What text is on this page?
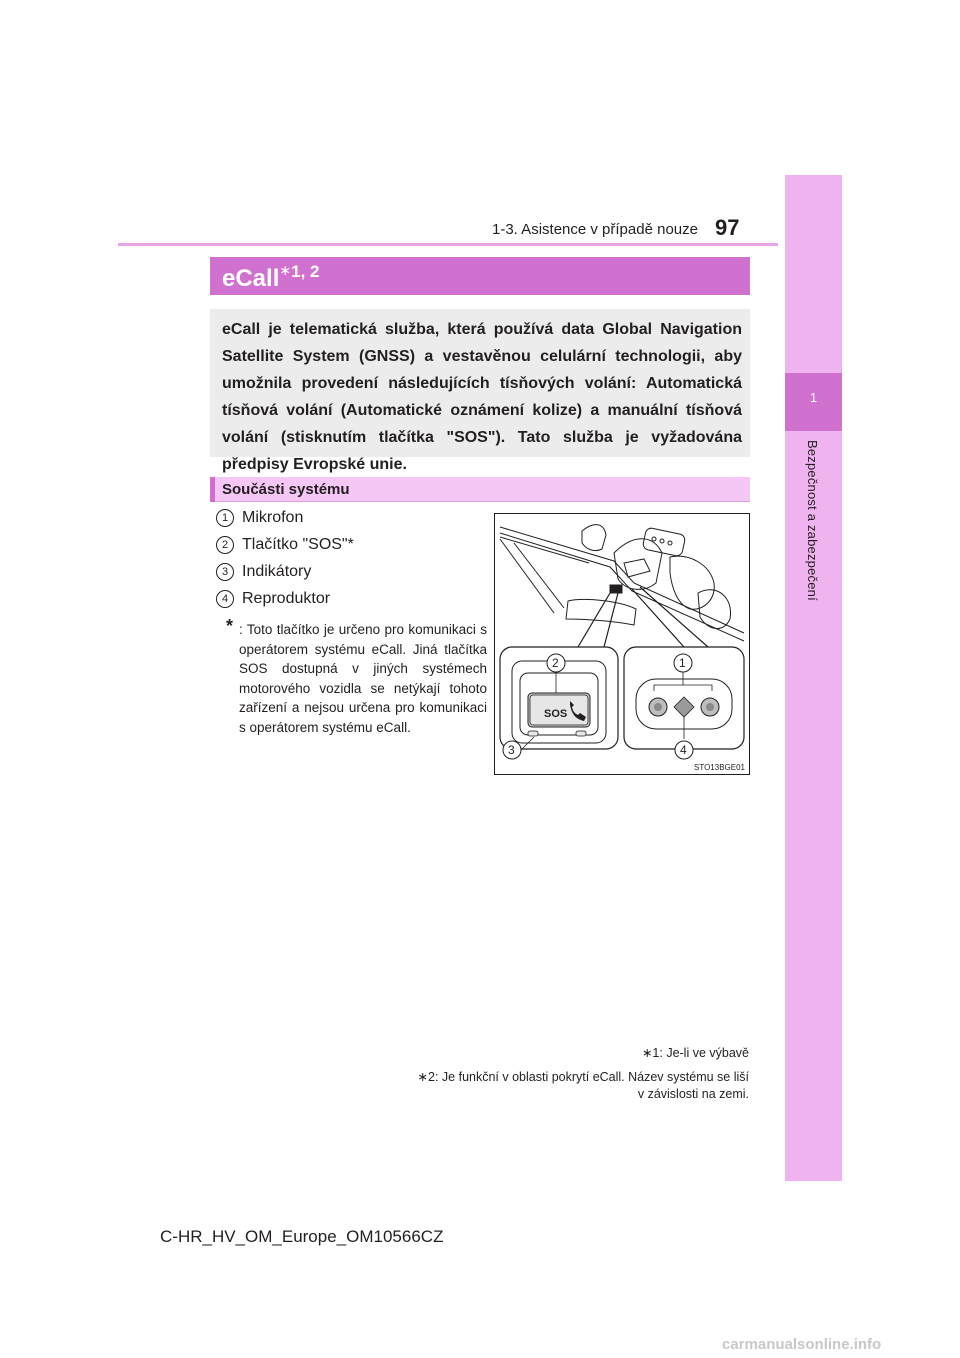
1-3. Asistence v případě nouze 97
1
Bezpečnost a zabezpečení
eCall$^{∗1, 2}$
eCall je telematická služba, která používá data Global Navigation Satellite System (GNSS) a vestavěnou celulární technologii, aby umožnila provedení následujících tísňových volání: Automatická tísňová volání (Automatické oznámení kolize) a manuální tísňová volání (stisknutím tlačítka "SOS"). Tato služba je vyžadována předpisy Evropské unie.
Součásti systému
1 Mikrofon
2 Tlačítko "SOS"*
3 Indikátory
4 Reproduktor
* : Toto tlačítko je určeno pro komunikaci s operátorem systému eCall. Jiná tlačítka SOS dostupná v jiných systémech motorového vozidla se netýkají tohoto zařízení a nejsou určena pro komunikaci s operátorem systému eCall.
SOS
2	1
3	4
STO13BGE01
∗1: Je-li ve výbavě
∗2: Je funkční v oblasti pokrytí eCall. Název systému se liší v závislosti na zemi.
C-HR_HV_OM_Europe_OM10566CZ
carmanualsonline.info
